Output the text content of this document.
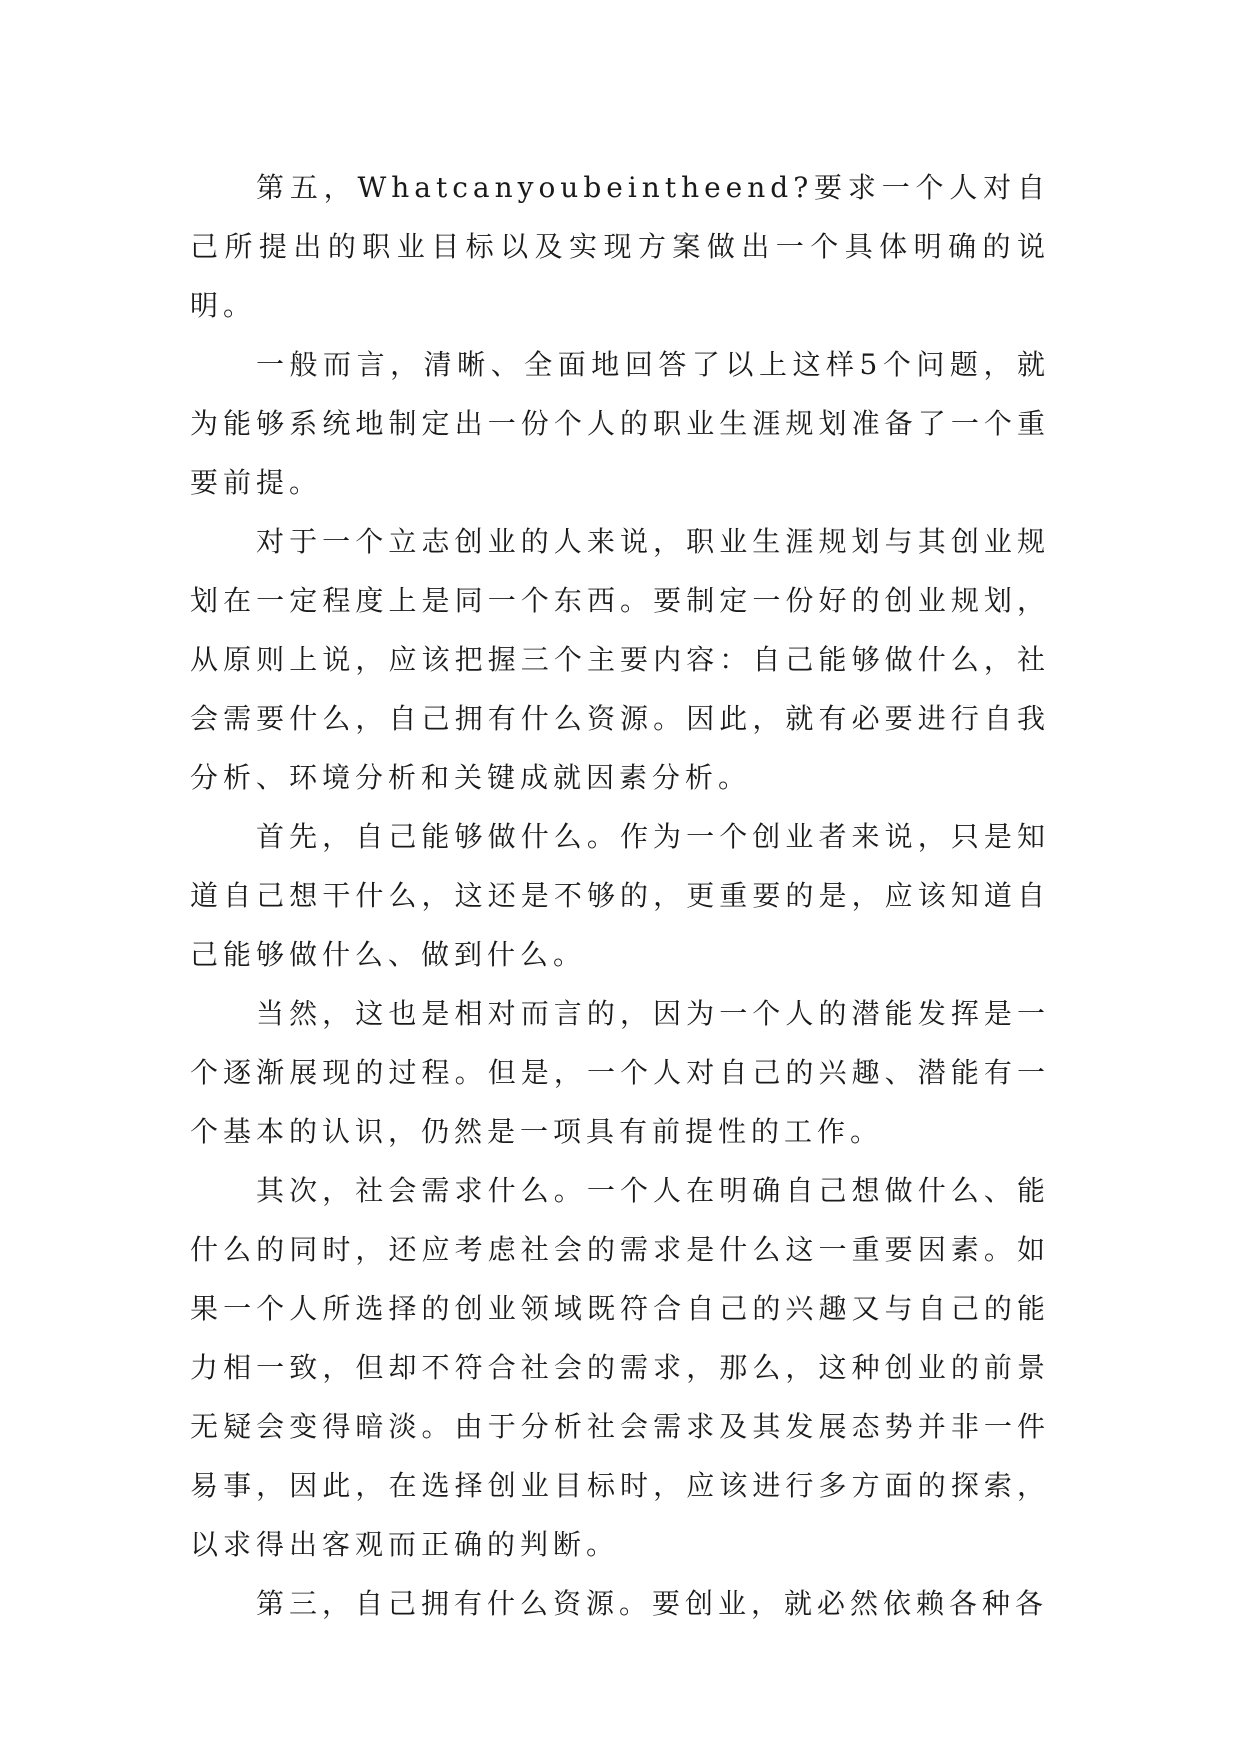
第五，Whatcanyoubeintheend?要求一个人对自己所提出的职业目标以及实现方案做出一个具体明确的说明。

一般而言，清晰、全面地回答了以上这样5个问题，就为能够系统地制定出一份个人的职业生涯规划准备了一个重要前提。

对于一个立志创业的人来说，职业生涯规划与其创业规划在一定程度上是同一个东西。要制定一份好的创业规划，从原则上说，应该把握三个主要内容：自己能够做什么，社会需要什么，自己拥有什么资源。因此，就有必要进行自我分析、环境分析和关键成就因素分析。

首先，自己能够做什么。作为一个创业者来说，只是知道自己想干什么，这还是不够的，更重要的是，应该知道自己能够做什么、做到什么。

当然，这也是相对而言的，因为一个人的潜能发挥是一个逐渐展现的过程。但是，一个人对自己的兴趣、潜能有一个基本的认识，仍然是一项具有前提性的工作。

其次，社会需求什么。一个人在明确自己想做什么、能什么的同时，还应考虑社会的需求是什么这一重要因素。如果一个人所选择的创业领域既符合自己的兴趣又与自己的能力相一致，但却不符合社会的需求，那么，这种创业的前景无疑会变得暗淡。由于分析社会需求及其发展态势并非一件易事，因此，在选择创业目标时，应该进行多方面的探索，以求得出客观而正确的判断。

第三，自己拥有什么资源。要创业，就必然依赖各种各
